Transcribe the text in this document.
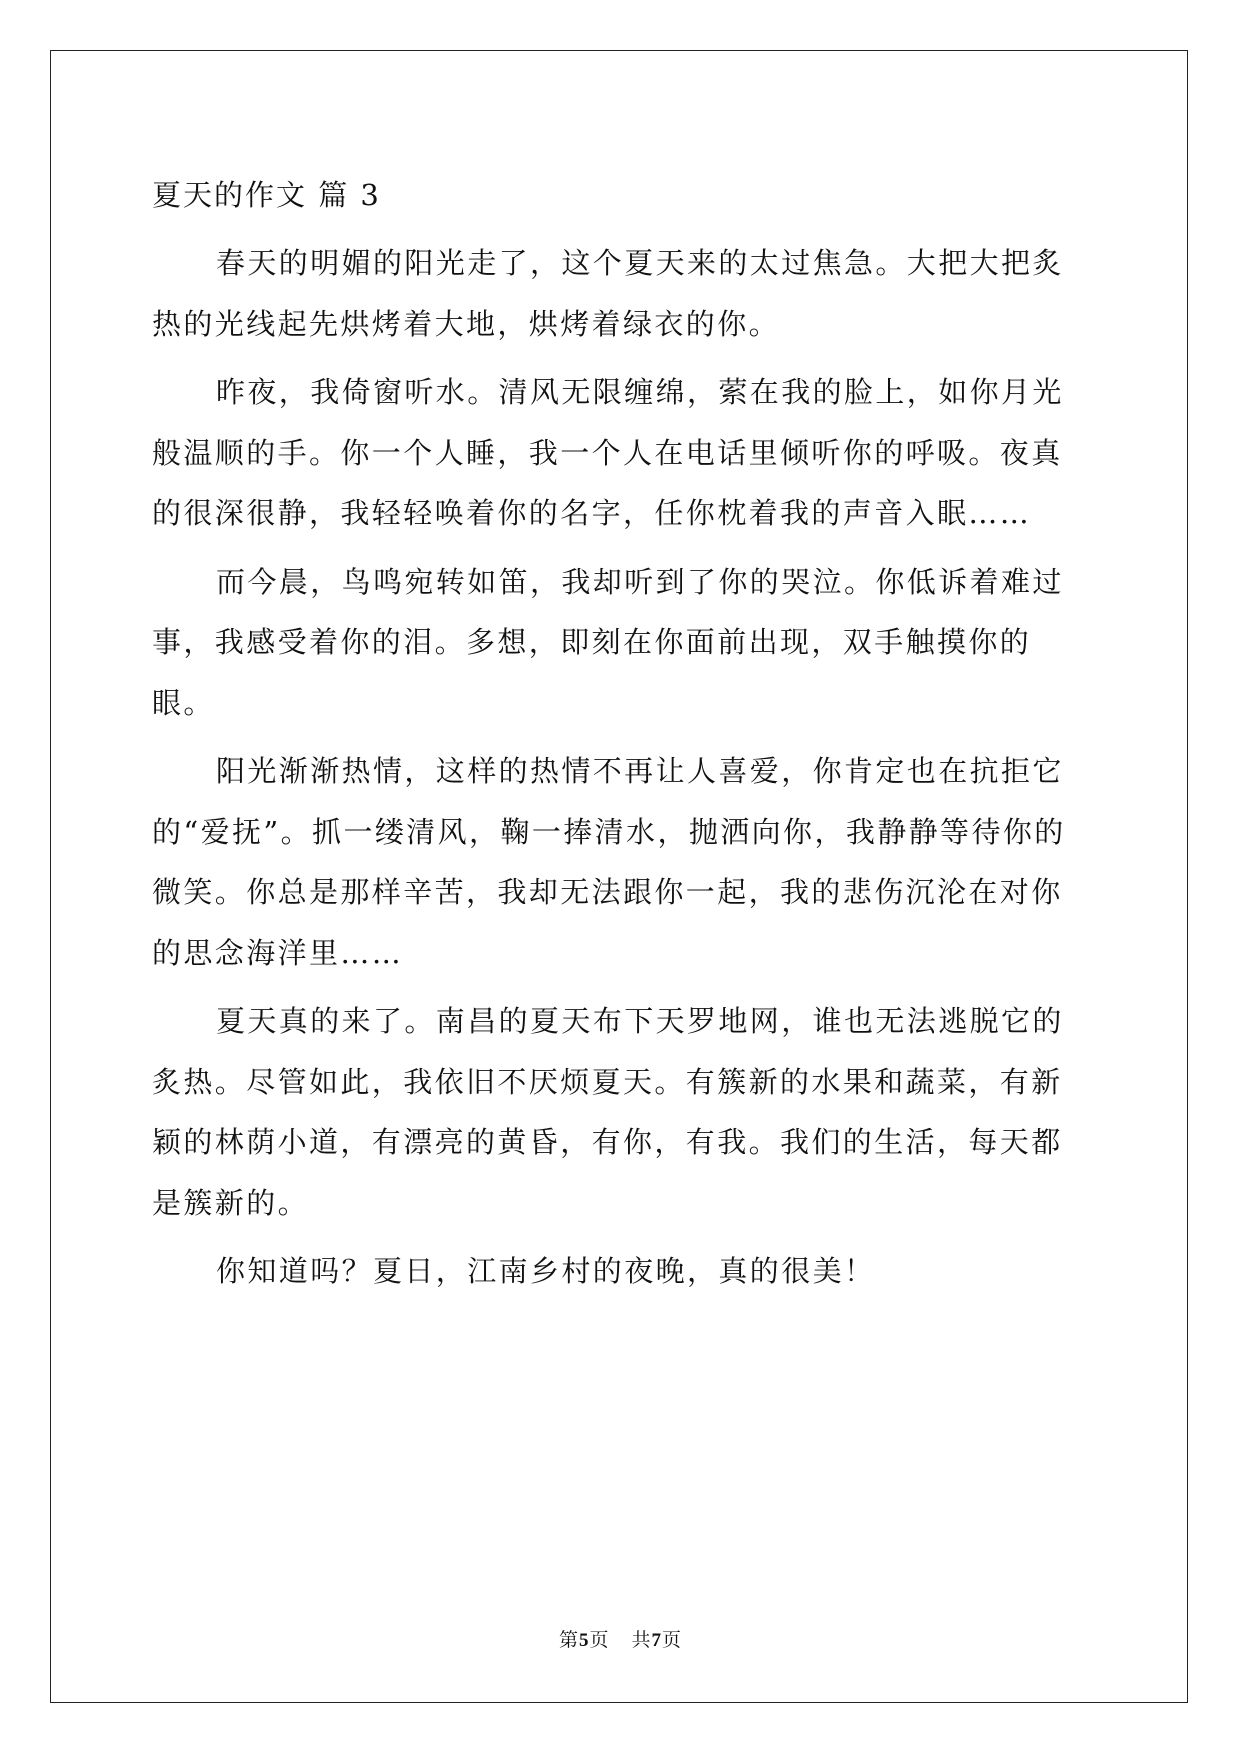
夏天的作文 篇 3

春天的明媚的阳光走了，这个夏天来的太过焦急。大把大把炙热的光线起先烘烤着大地，烘烤着绿衣的你。

昨夜，我倚窗听水。清风无限缠绵，萦在我的脸上，如你月光般温顺的手。你一个人睡，我一个人在电话里倾听你的呼吸。夜真的很深很静，我轻轻唤着你的名字，任你枕着我的声音入眠……

而今晨，鸟鸣宛转如笛，我却听到了你的哭泣。你低诉着难过事，我感受着你的泪。多想，即刻在你面前出现，双手触摸你的眼。

阳光渐渐热情，这样的热情不再让人喜爱，你肯定也在抗拒它的“爱抚”。抓一缕清风，鞠一捧清水，抛洒向你，我静静等待你的微笑。你总是那样辛苦，我却无法跟你一起，我的悲伤沉沦在对你的思念海洋里……

夏天真的来了。南昌的夏天布下天罗地网，谁也无法逃脱它的炙热。尽管如此，我依旧不厌烦夏天。有簇新的水果和蔬菜，有新颖的林荫小道，有漂亮的黄昏，有你，有我。我们的生活，每天都是簇新的。

你知道吗？夏日，江南乡村的夜晚，真的很美！

第5页 共7页
